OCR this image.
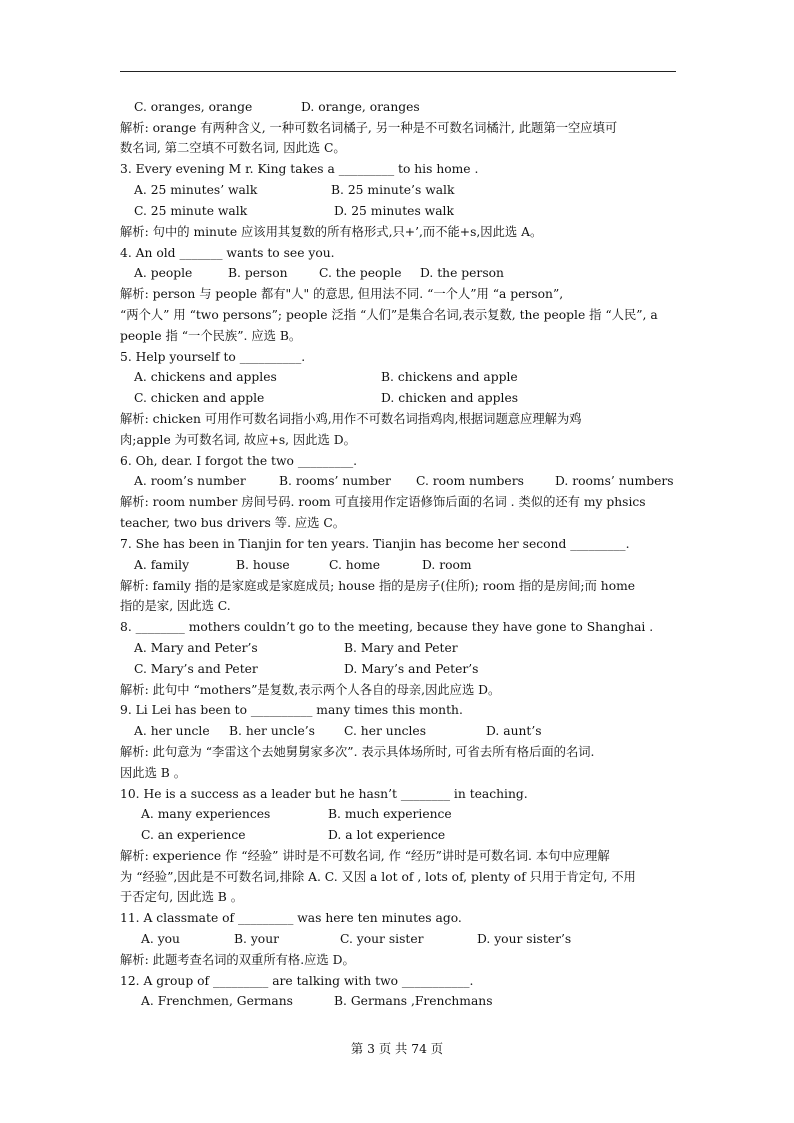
C. oranges, orange	D. orange, oranges
解析: orange 有两种含义, 一种可数名词橘子, 另一种是不可数名词橘汁, 此题第一空应填可
数名词, 第二空填不可数名词, 因此选 C。
3. Every evening M r. King takes a _________ to his home .
A. 25 minutes’ walk	B. 25 minute’s walk
C. 25 minute walk	D. 25 minutes walk
解析: 句中的 minute 应该用其复数的所有格形式,只+’,而不能+s,因此选 A。
4. An old _______ wants to see you.
A. people	B. person	C. the people D. the person
解析: person 与 people 都有"人" 的意思, 但用法不同. “一个人”用 “a person”,
“两个人” 用 “two persons”; people 泛指 “人们”是集合名词,表示复数, the people 指 “人民”, a
people 指 “一个民族”. 应选 B。
5. Help yourself to __________.
A. chickens and apples	B. chickens and apple
C. chicken and apple	D. chicken and apples
解析: chicken 可用作可数名词指小鸡,用作不可数名词指鸡肉,根据词题意应理解为鸡
肉;apple 为可数名词, 故应+s, 因此选 D。
6. Oh, dear. I forgot the two _________.
A. room’s number	B. rooms’ number C. room numbers	D. rooms’ numbers
解析: room number 房间号码. room 可直接用作定语修饰后面的名词 . 类似的还有 my phsics
teacher, two bus drivers 等. 应选 C。
7. She has been in Tianjin for ten years. Tianjin has become her second _________.
A. family	B. house	C. home	D. room
解析: family 指的是家庭或是家庭成员; house 指的是房子(住所); room 指的是房间;而 home
指的是家, 因此选 C.
8. ________ mothers couldn’t go to the meeting, because they have gone to Shanghai .
A. Mary and Peter’s	B. Mary and Peter
C. Mary’s and Peter	D. Mary’s and Peter’s
解析: 此句中 “mothers”是复数,表示两个人各自的母亲,因此应选 D。
9. Li Lei has been to __________ many times this month.
A. her uncle B. her uncle’s C. her uncles	D. aunt’s
解析: 此句意为 “李雷这个去她舅舅家多次”. 表示具体场所时, 可省去所有格后面的名词.
因此选 B 。
10. He is a success as a leader but he hasn’t ________ in teaching.
A. many experiences	B. much experience
C. an experience	D. a lot experience
解析: experience 作 “经验” 讲时是不可数名词, 作 “经历”讲时是可数名词. 本句中应理解
为 “经验”,因此是不可数名词,排除 A. C. 又因 a lot of , lots of, plenty of 只用于肯定句, 不用
于否定句, 因此选 B 。
11. A classmate of _________ was here ten minutes ago.
A. you	B. your	C. your sister	D. your sister’s
解析: 此题考查名词的双重所有格.应选 D。
12. A group of _________ are talking with two ___________.
A. Frenchmen, Germans	B. Germans ,Frenchmans
第 3 页 共 74 页
